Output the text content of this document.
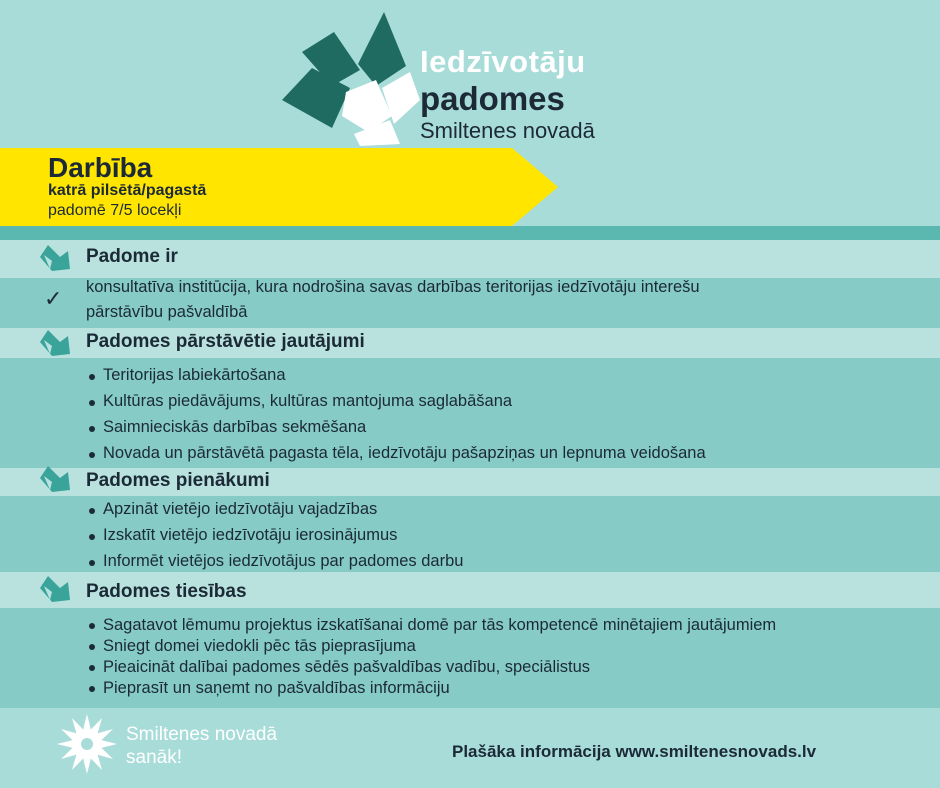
Iedzīvotāju
padomes
Smiltenes novadā
Darbība
katrā pilsētā/pagastā
padomē 7/5 locekļi
Padome ir
✓ konsultatīva institūcija, kura nodrošina savas darbības teritorijas iedzīvotāju interešu
pārstāvību pašvaldībā
Padomes pārstāvētie jautājumi
Teritorijas labiekārtošana
Kultūras piedāvājums, kultūras mantojuma saglabāšana
Saimnieciskās darbības sekmēšana
Novada un pārstāvētā pagasta tēla, iedzīvotāju pašapziņas un lepnuma veidošana
Padomes pienākumi
Apzināt vietējo iedzīvotāju vajadzības
Izskatīt vietējo iedzīvotāju ierosinājumus
Informēt vietējos iedzīvotājus par padomes darbu
Padomes tiesības
Sagatavot lēmumu projektus izskatīšanai domē par tās kompetencē minētajiem jautājumiem
Sniegt domei viedokli pēc tās pieprasījuma
Pieaicināt dalībai padomes sēdēs pašvaldības vadību, speciālistus
Pieprasīt un saņemt no pašvaldības informāciju
Smiltenes novadā
sanāk!	Plašāka informācija www.smiltenesnovads.lv
